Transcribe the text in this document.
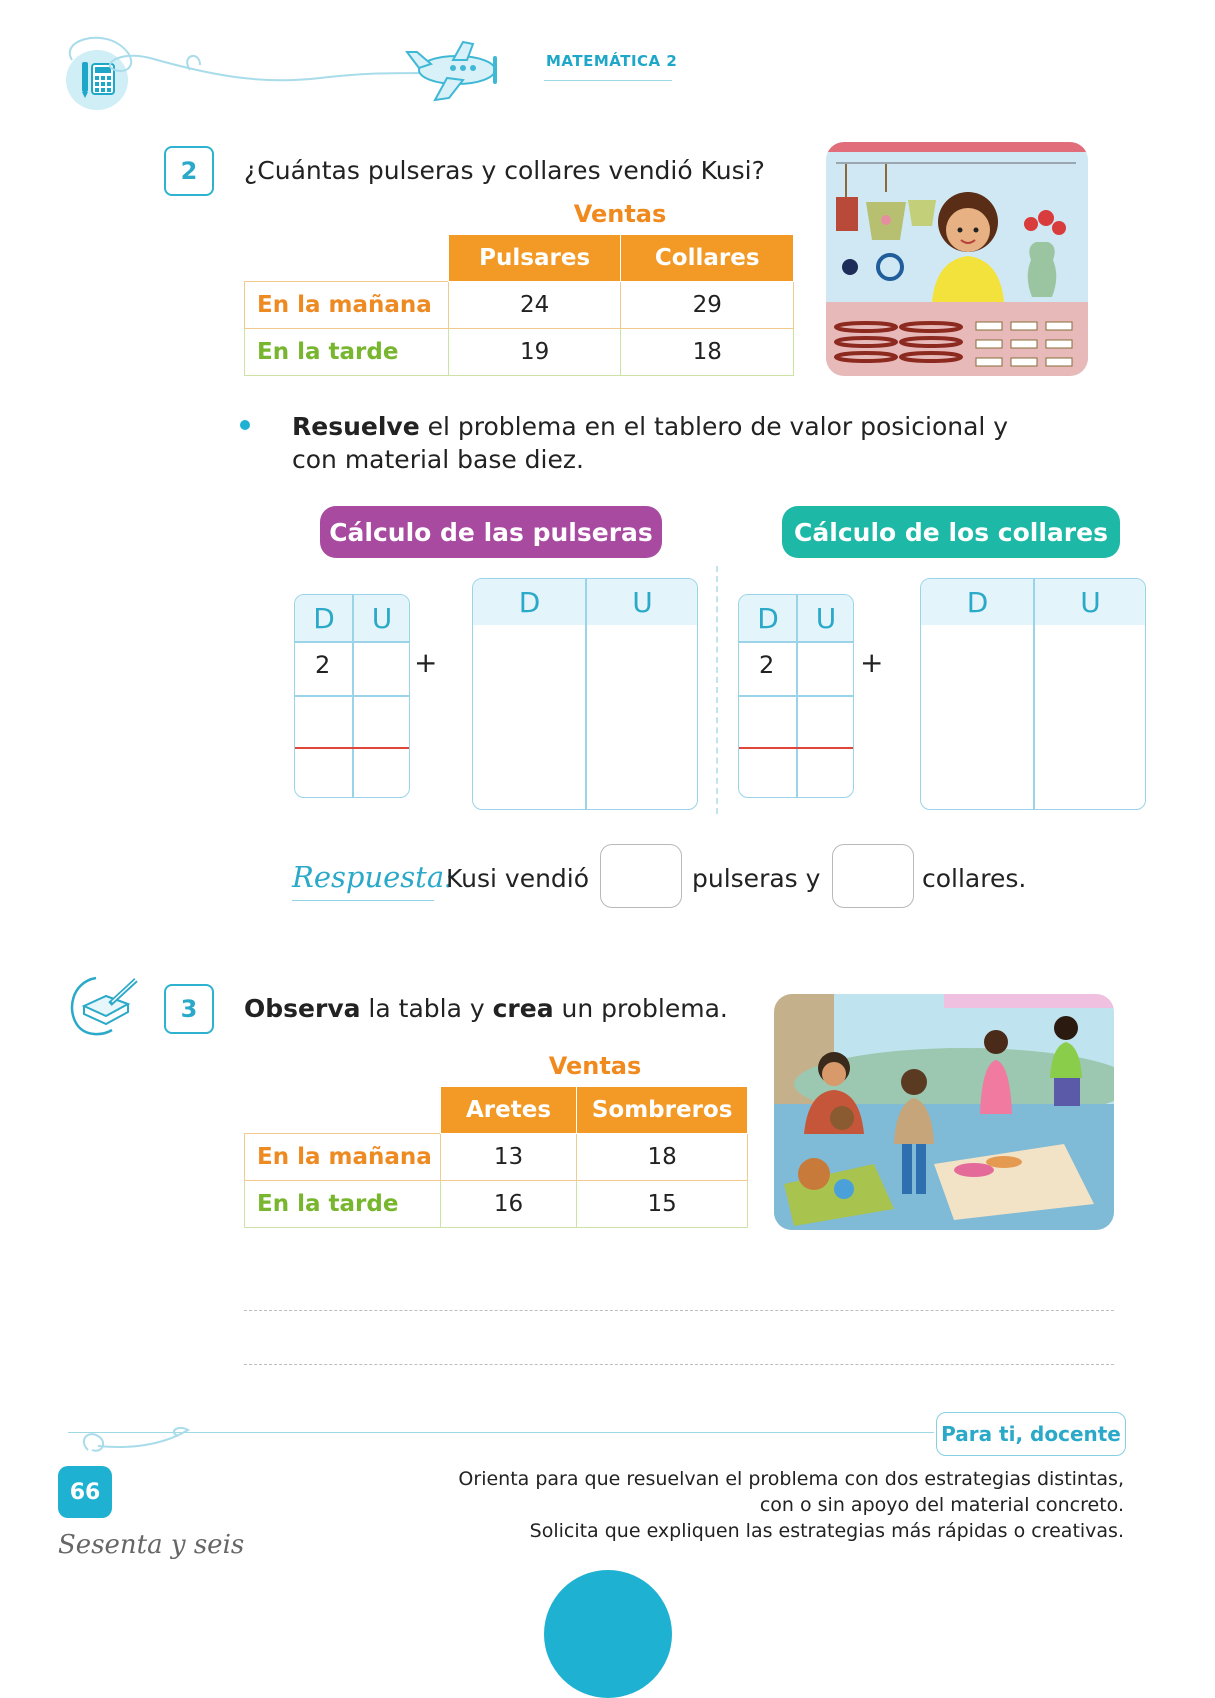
MATEMÁTICA 2
2	¿Cuántas pulseras y collares vendió Kusi?
Ventas
	Pulsares	Collares
En la mañana	24	29
En la tarde	19	18
Resuelve el problema en el tablero de valor posicional y con material base diez.
Cálculo de las pulseras	Cálculo de los collares
D	U
2	+
D	U	D	U
2	+
D	U
Respuesta:
Kusi vendió	pulseras y	collares.
3	Observa la tabla y crea un problema.
Ventas
	Aretes	Sombreros
En la mañana	13	18
En la tarde	16	15
Para ti, docente
Orienta para que resuelvan el problema con dos estrategias distintas,
con o sin apoyo del material concreto.
Solicita que expliquen las estrategias más rápidas o creativas.
66
Sesenta y seis
